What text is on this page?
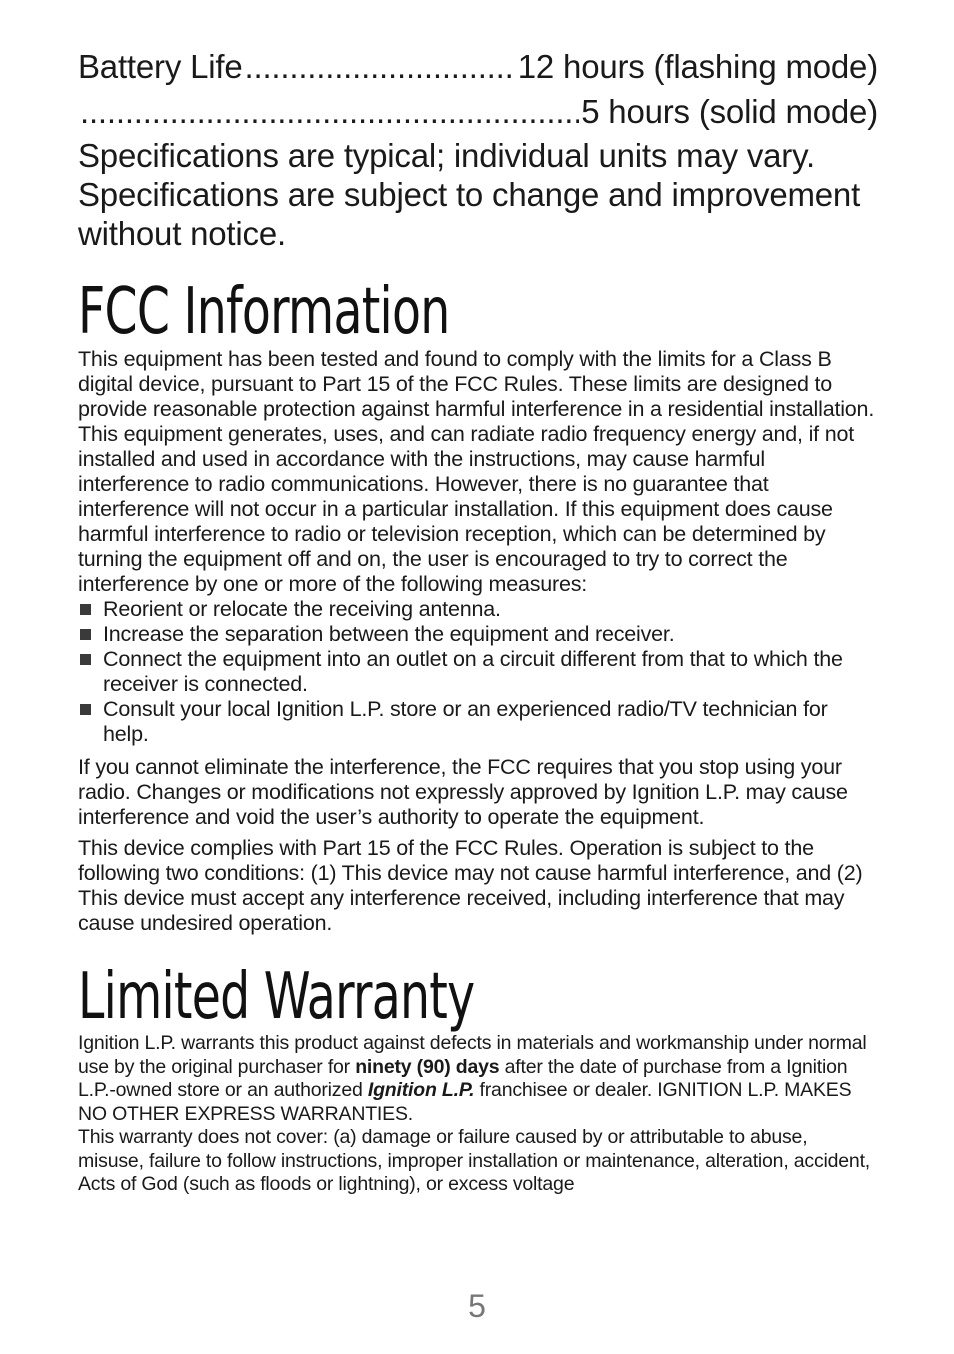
Battery Life
.....	12 hours (flashing mode)
.....
5 hours (solid mode)

Specifications are typical; individual units may vary. Specifications are subject to change and improvement without notice.

FCC Information

This equipment has been tested and found to comply with the limits for a Class B digital device, pursuant to Part 15 of the FCC Rules. These limits are designed to provide reasonable protection against harmful interference in a residential installation. This equipment generates, uses, and can radiate radio frequency energy and, if not installed and used in accordance with the instructions, may cause harmful interference to radio communications. However, there is no guarantee that interference will not occur in a particular installation. If this equipment does cause harmful interference to radio or television reception, which can be determined by turning the equipment off and on, the user is encouraged to try to correct the interference by one or more of the following measures:

Reorient or relocate the receiving antenna.
Increase the separation between the equipment and receiver.
Connect the equipment into an outlet on a circuit different from that to which the receiver is connected.
Consult your local Ignition L.P. store or an experienced radio/TV technician for help.

If you cannot eliminate the interference, the FCC requires that you stop using your radio. Changes or modifications not expressly approved by Ignition L.P. may cause interference and void the user’s authority to operate the equipment.

This device complies with Part 15 of the FCC Rules. Operation is subject to the following two conditions: (1) This device may not cause harmful interference, and (2) This device must accept any interference received, including interference that may cause undesired operation.

Limited Warranty

Ignition L.P. warrants this product against defects in materials and workmanship under normal use by the original purchaser for ninety (90) days after the date of purchase from a Ignition L.P.-owned store or an authorized Ignition L.P. franchisee or dealer. IGNITION L.P. MAKES NO OTHER EXPRESS WARRANTIES.

This warranty does not cover: (a) damage or failure caused by or attributable to abuse, misuse, failure to follow instructions, improper installation or maintenance, alteration, accident, Acts of God (such as floods or lightning), or excess voltage

5
